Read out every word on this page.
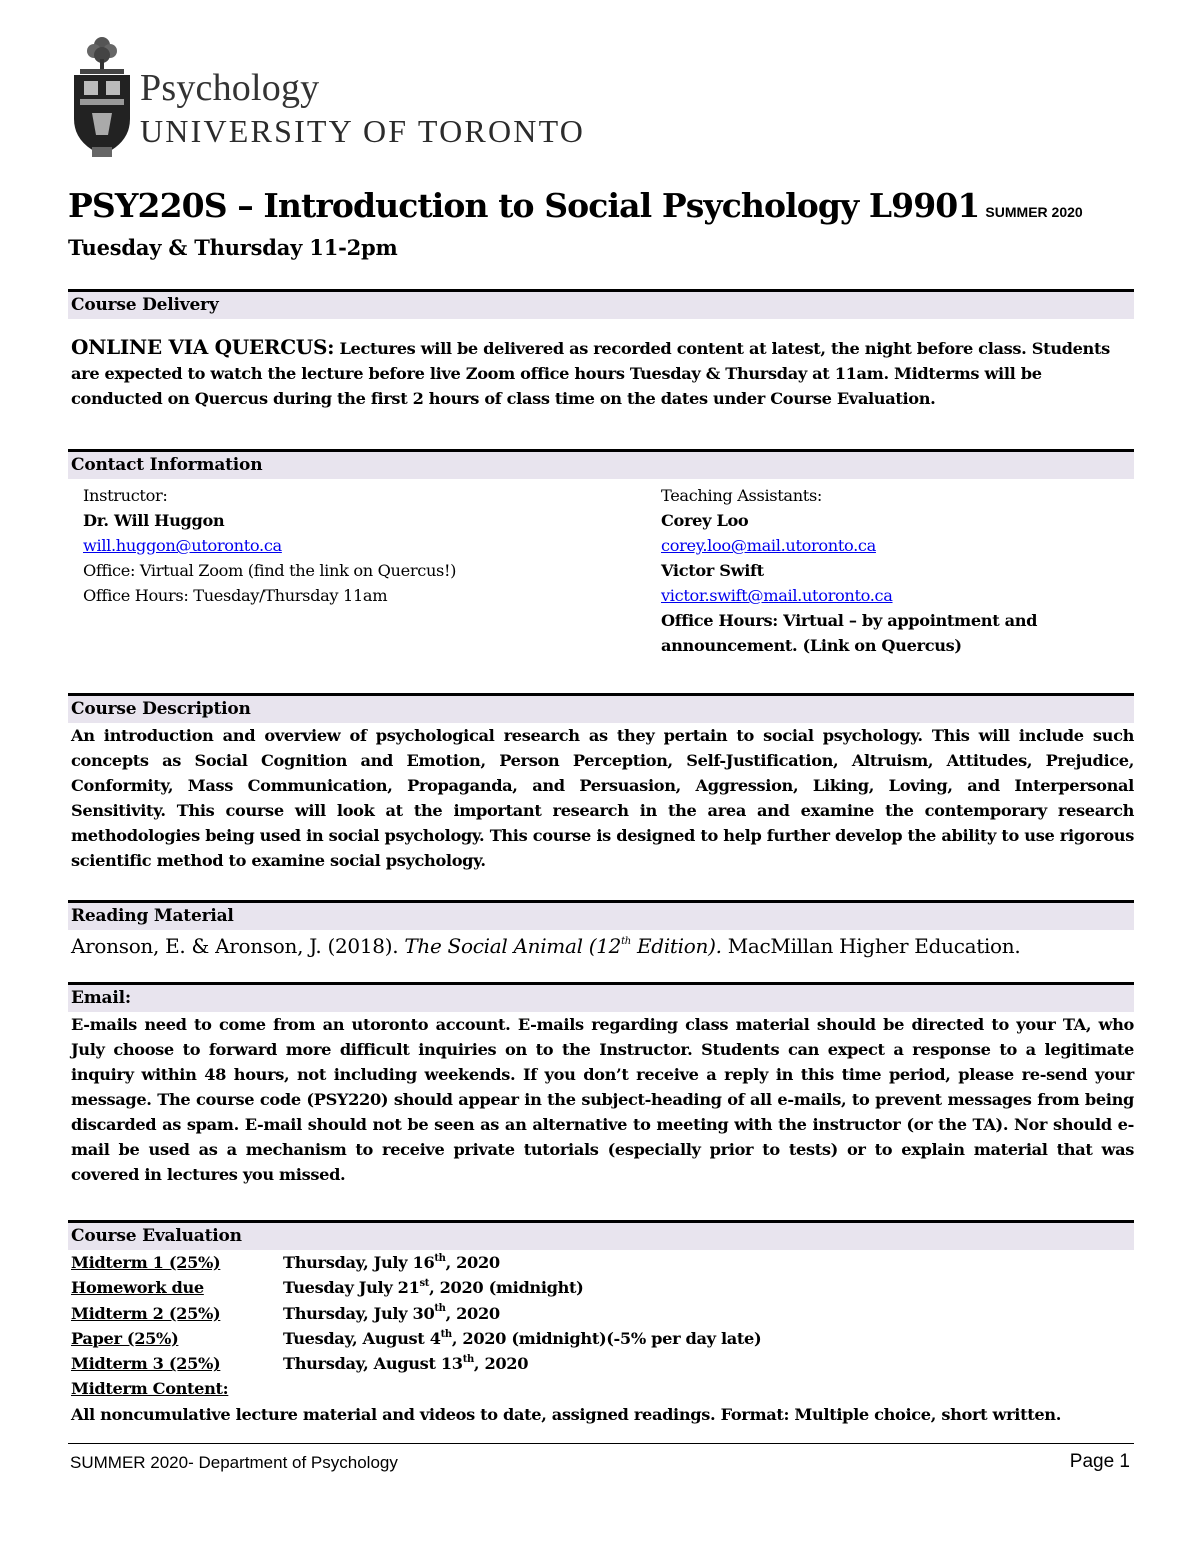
Psychology
UNIVERSITY OF TORONTO
PSY220S – Introduction to Social Psychology L9901 SUMMER 2020
Tuesday & Thursday 11-2pm
Course Delivery
ONLINE VIA QUERCUS: Lectures will be delivered as recorded content at latest, the night before class. Students are expected to watch the lecture before live Zoom office hours Tuesday & Thursday at 11am. Midterms will be conducted on Quercus during the first 2 hours of class time on the dates under Course Evaluation.
Contact Information
Instructor:
Dr. Will Huggon
will.huggon@utoronto.ca
Office: Virtual Zoom (find the link on Quercus!)
Office Hours: Tuesday/Thursday 11am
Teaching Assistants:
Corey Loo
corey.loo@mail.utoronto.ca
Victor Swift
victor.swift@mail.utoronto.ca
Office Hours: Virtual – by appointment and
announcement. (Link on Quercus)
Course Description
An introduction and overview of psychological research as they pertain to social psychology. This will include such concepts as Social Cognition and Emotion, Person Perception, Self-Justification, Altruism, Attitudes, Prejudice, Conformity, Mass Communication, Propaganda, and Persuasion, Aggression, Liking, Loving, and Interpersonal Sensitivity. This course will look at the important research in the area and examine the contemporary research methodologies being used in social psychology. This course is designed to help further develop the ability to use rigorous scientific method to examine social psychology.
Reading Material
Aronson, E. & Aronson, J. (2018). The Social Animal (12th Edition). MacMillan Higher Education.
Email:
E-mails need to come from an utoronto account. E-mails regarding class material should be directed to your TA, who July choose to forward more difficult inquiries on to the Instructor. Students can expect a response to a legitimate inquiry within 48 hours, not including weekends. If you don’t receive a reply in this time period, please re-send your message. The course code (PSY220) should appear in the subject-heading of all e-mails, to prevent messages from being discarded as spam. E-mail should not be seen as an alternative to meeting with the instructor (or the TA). Nor should e-mail be used as a mechanism to receive private tutorials (especially prior to tests) or to explain material that was covered in lectures you missed.
Course Evaluation
Midterm 1 (25%)	Thursday, July 16th, 2020
Homework due	Tuesday July 21st, 2020 (midnight)
Midterm 2 (25%)	Thursday, July 30th, 2020
Paper (25%)	Tuesday, August 4th, 2020 (midnight)(-5% per day late)
Midterm 3 (25%)	Thursday, August 13th, 2020
Midterm Content:
All noncumulative lecture material and videos to date, assigned readings. Format: Multiple choice, short written.
SUMMER 2020- Department of Psychology	Page 1
